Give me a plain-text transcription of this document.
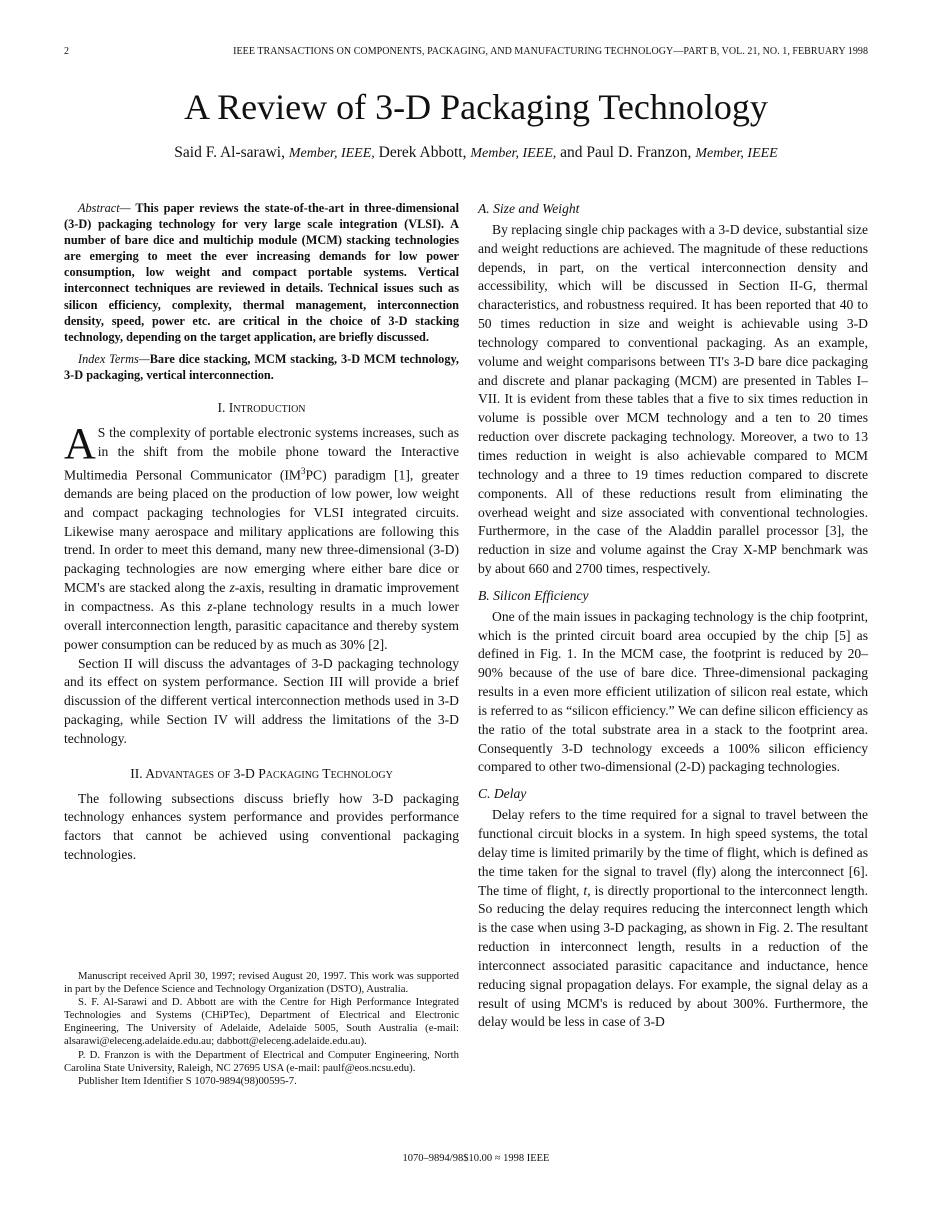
2	IEEE TRANSACTIONS ON COMPONENTS, PACKAGING, AND MANUFACTURING TECHNOLOGY—PART B, VOL. 21, NO. 1, FEBRUARY 1998
A Review of 3-D Packaging Technology
Said F. Al-sarawi, Member, IEEE, Derek Abbott, Member, IEEE, and Paul D. Franzon, Member, IEEE

Abstract— This paper reviews the state-of-the-art in three-dimensional (3-D) packaging technology for very large scale integration (VLSI). A number of bare dice and multichip module (MCM) stacking technologies are emerging to meet the ever increasing demands for low power consumption, low weight and compact portable systems. Vertical interconnect techniques are reviewed in details. Technical issues such as silicon efficiency, complexity, thermal management, interconnection density, speed, power etc. are critical in the choice of 3-D stacking technology, depending on the target application, are briefly discussed.

Index Terms—Bare dice stacking, MCM stacking, 3-D MCM technology, 3-D packaging, vertical interconnection.

I. Introduction

A S the complexity of portable electronic systems increases, such as in the shift from the mobile phone toward the Interactive Multimedia Personal Communicator $(IM^3PC)$ paradigm [1], greater demands are being placed on the production of low power, low weight and compact packaging technologies for VLSI integrated circuits. Likewise many aerospace and military applications are following this trend. In order to meet this demand, many new three-dimensional (3-D) packaging technologies are now emerging where either bare dice or MCM's are stacked along the z-axis, resulting in dramatic improvement in compactness. As this z-plane technology results in a much lower overall interconnection length, parasitic capacitance and thereby system power consumption can be reduced by as much as 30% [2].

Section II will discuss the advantages of 3-D packaging technology and its effect on system performance. Section III will provide a brief discussion of the different vertical interconnection methods used in 3-D packaging, while Section IV will address the limitations of the 3-D technology.

II. Advantages of 3-D Packaging Technology

The following subsections discuss briefly how 3-D packaging technology enhances system performance and provides performance factors that cannot be achieved using conventional packaging technologies.

Manuscript received April 30, 1997; revised August 20, 1997. This work was supported in part by the Defence Science and Technology Organization (DSTO), Australia.

S. F. Al-Sarawi and D. Abbott are with the Centre for High Performance Integrated Technologies and Systems (CHiPTec), Department of Electrical and Electronic Engineering, The University of Adelaide, Adelaide 5005, South Australia (e-mail: alsarawi@eleceng.adelaide.edu.au; dabbott@eleceng.adelaide.edu.au).

P. D. Franzon is with the Department of Electrical and Computer Engineering, North Carolina State University, Raleigh, NC 27695 USA (e-mail: paulf@eos.ncsu.edu).

Publisher Item Identifier S 1070-9894(98)00595-7.

A. Size and Weight

By replacing single chip packages with a 3-D device, substantial size and weight reductions are achieved. The magnitude of these reductions depends, in part, on the vertical interconnection density and accessibility, which will be discussed in Section II-G, thermal characteristics, and robustness required. It has been reported that 40 to 50 times reduction in size and weight is achievable using 3-D technology compared to conventional packaging. As an example, volume and weight comparisons between TI's 3-D bare dice packaging and discrete and planar packaging (MCM) are presented in Tables I–VII. It is evident from these tables that a five to six times reduction in volume is possible over MCM technology and a ten to 20 times reduction over discrete packaging technology. Moreover, a two to 13 times reduction in weight is also achievable compared to MCM technology and a three to 19 times reduction compared to discrete components. All of these reductions result from eliminating the overhead weight and size associated with conventional technologies. Furthermore, in the case of the Aladdin parallel processor [3], the reduction in size and volume against the Cray X-MP benchmark was by about 660 and 2700 times, respectively.

B. Silicon Efficiency

One of the main issues in packaging technology is the chip footprint, which is the printed circuit board area occupied by the chip [5] as defined in Fig. 1. In the MCM case, the footprint is reduced by 20–90% because of the use of bare dice. Three-dimensional packaging results in a even more efficient utilization of silicon real estate, which is referred to as “silicon efficiency.” We can define silicon efficiency as the ratio of the total substrate area in a stack to the footprint area. Consequently 3-D technology exceeds a 100% silicon efficiency compared to other two-dimensional (2-D) packaging technologies.

C. Delay

Delay refers to the time required for a signal to travel between the functional circuit blocks in a system. In high speed systems, the total delay time is limited primarily by the time of flight, which is defined as the time taken for the signal to travel (fly) along the interconnect [6]. The time of flight, t, is directly proportional to the interconnect length. So reducing the delay requires reducing the interconnect length which is the case when using 3-D packaging, as shown in Fig. 2. The resultant reduction in interconnect length, results in a reduction of the interconnect associated parasitic capacitance and inductance, hence reducing signal propagation delays. For example, the signal delay as a result of using MCM's is reduced by about 300%. Furthermore, the delay would be less in case of 3-D

1070–9894/98$10.00 ≈ 1998 IEEE
